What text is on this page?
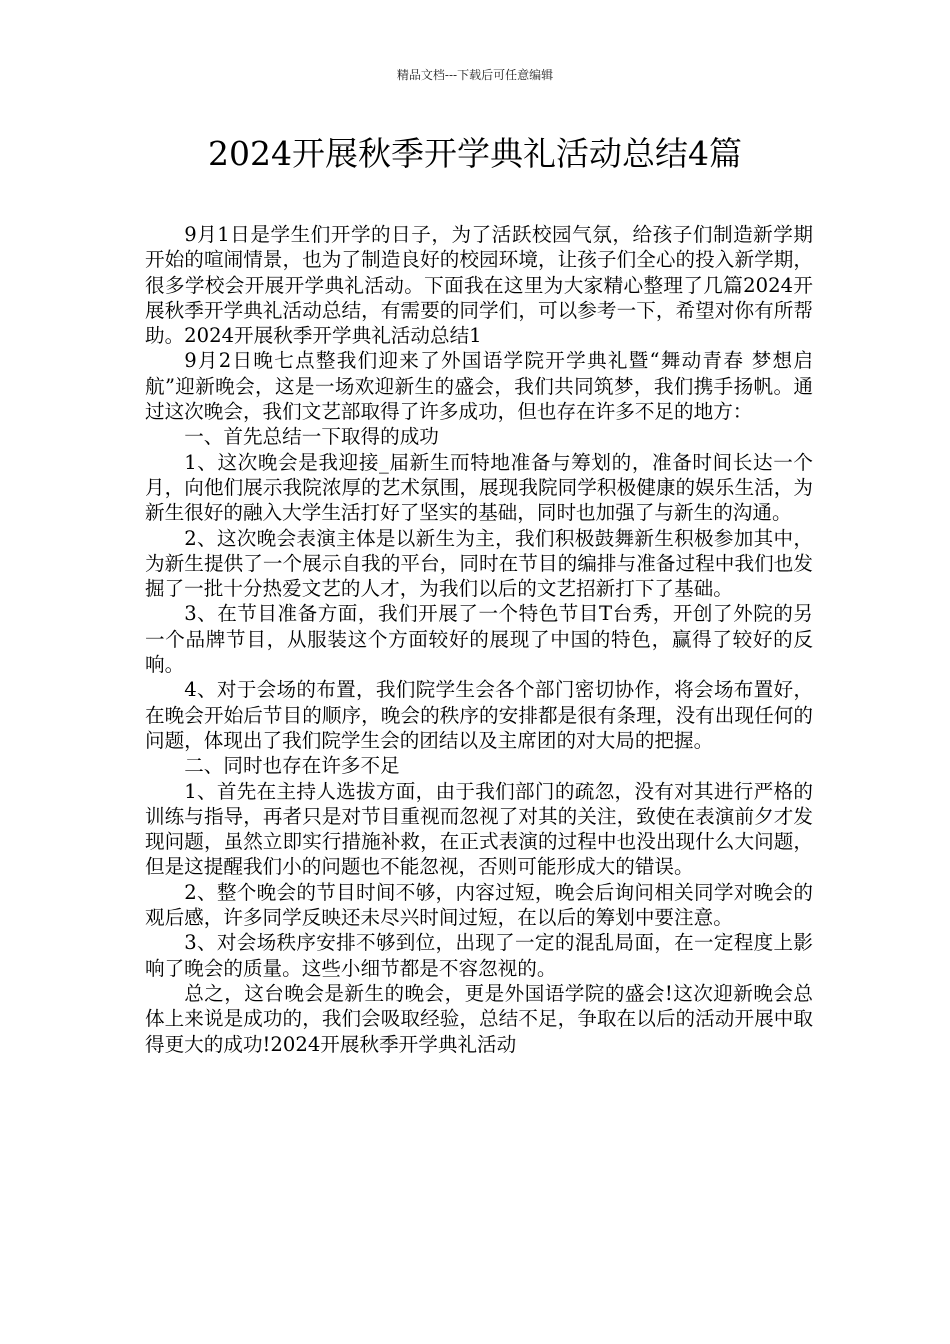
精品文档---下载后可任意编辑
2024开展秋季开学典礼活动总结4篇

9月1日是学生们开学的日子，为了活跃校园气氛，给孩子们制造新学期开始的喧闹情景，也为了制造良好的校园环境，让孩子们全心的投入新学期，很多学校会开展开学典礼活动。下面我在这里为大家精心整理了几篇2024开展秋季开学典礼活动总结，有需要的同学们，可以参考一下，希望对你有所帮助。2024开展秋季开学典礼活动总结1

9月2日晚七点整我们迎来了外国语学院开学典礼暨“舞动青春 梦想启航”迎新晚会，这是一场欢迎新生的盛会，我们共同筑梦，我们携手扬帆。通过这次晚会，我们文艺部取得了许多成功，但也存在许多不足的地方：

一、首先总结一下取得的成功

1、这次晚会是我迎接_届新生而特地准备与筹划的，准备时间长达一个月，向他们展示我院浓厚的艺术氛围，展现我院同学积极健康的娱乐生活，为新生很好的融入大学生活打好了坚实的基础，同时也加强了与新生的沟通。

2、这次晚会表演主体是以新生为主，我们积极鼓舞新生积极参加其中，为新生提供了一个展示自我的平台，同时在节目的编排与准备过程中我们也发掘了一批十分热爱文艺的人才，为我们以后的文艺招新打下了基础。

3、在节目准备方面，我们开展了一个特色节目T台秀，开创了外院的另一个品牌节目，从服装这个方面较好的展现了中国的特色，赢得了较好的反响。

4、对于会场的布置，我们院学生会各个部门密切协作，将会场布置好，在晚会开始后节目的顺序，晚会的秩序的安排都是很有条理，没有出现任何的问题，体现出了我们院学生会的团结以及主席团的对大局的把握。

二、同时也存在许多不足

1、首先在主持人选拔方面，由于我们部门的疏忽，没有对其进行严格的训练与指导，再者只是对节目重视而忽视了对其的关注，致使在表演前夕才发现问题，虽然立即实行措施补救，在正式表演的过程中也没出现什么大问题，但是这提醒我们小的问题也不能忽视，否则可能形成大的错误。

2、整个晚会的节目时间不够，内容过短，晚会后询问相关同学对晚会的观后感，许多同学反映还未尽兴时间过短，在以后的筹划中要注意。

3、对会场秩序安排不够到位，出现了一定的混乱局面，在一定程度上影响了晚会的质量。这些小细节都是不容忽视的。

总之，这台晚会是新生的晚会，更是外国语学院的盛会!这次迎新晚会总体上来说是成功的，我们会吸取经验，总结不足，争取在以后的活动开展中取得更大的成功!2024开展秋季开学典礼活动
